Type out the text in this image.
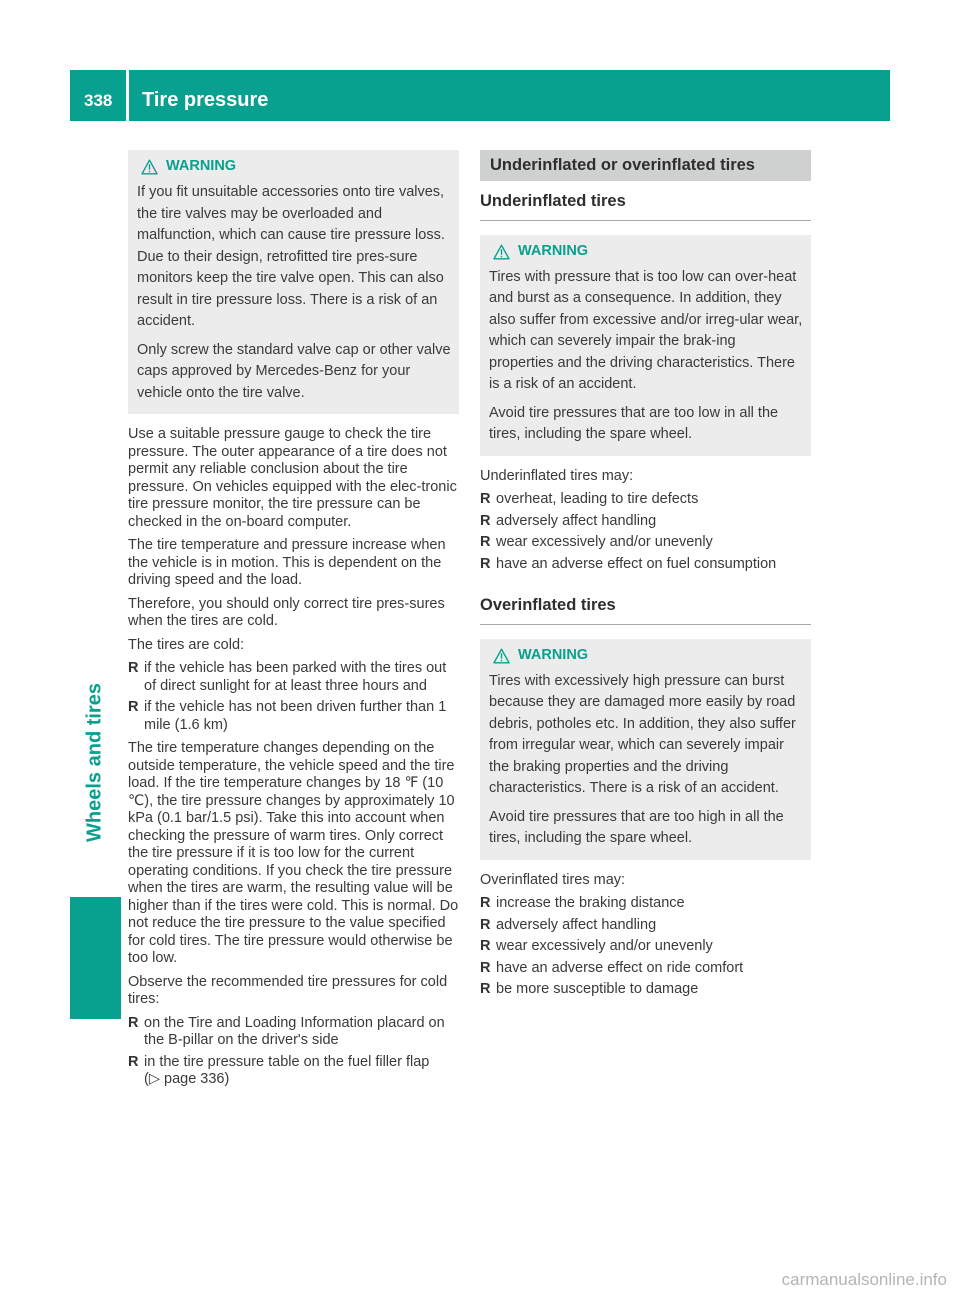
338 Tire pressure
Wheels and tires
WARNING

If you fit unsuitable accessories onto tire valves, the tire valves may be overloaded and malfunction, which can cause tire pressure loss. Due to their design, retrofitted tire pres-sure monitors keep the tire valve open. This can also result in tire pressure loss. There is a risk of an accident.

Only screw the standard valve cap or other valve caps approved by Mercedes-Benz for your vehicle onto the tire valve.

Use a suitable pressure gauge to check the tire pressure. The outer appearance of a tire does not permit any reliable conclusion about the tire pressure. On vehicles equipped with the elec-tronic tire pressure monitor, the tire pressure can be checked in the on-board computer.

The tire temperature and pressure increase when the vehicle is in motion. This is dependent on the driving speed and the load.

Therefore, you should only correct tire pres-sures when the tires are cold.

The tires are cold:

R if the vehicle has been parked with the tires out of direct sunlight for at least three hours and
R if the vehicle has not been driven further than 1 mile (1.6 km)

The tire temperature changes depending on the outside temperature, the vehicle speed and the tire load. If the tire temperature changes by 18 ℉ (10 ℃), the tire pressure changes by approximately 10 kPa (0.1 bar/1.5 psi). Take this into account when checking the pressure of warm tires. Only correct the tire pressure if it is too low for the current operating conditions. If you check the tire pressure when the tires are warm, the resulting value will be higher than if the tires were cold. This is normal. Do not reduce the tire pressure to the value specified for cold tires. The tire pressure would otherwise be too low.

Observe the recommended tire pressures for cold tires:

R on the Tire and Loading Information placard on the B-pillar on the driver's side
R in the tire pressure table on the fuel filler flap
(▷ page 336)
Underinflated or overinflated tires
Underinflated tires
WARNING

Tires with pressure that is too low can over-heat and burst as a consequence. In addition, they also suffer from excessive and/or irreg-ular wear, which can severely impair the brak-ing properties and the driving characteristics. There is a risk of an accident.

Avoid tire pressures that are too low in all the tires, including the spare wheel.

Underinflated tires may:

R overheat, leading to tire defects
R adversely affect handling
R wear excessively and/or unevenly
R have an adverse effect on fuel consumption
Overinflated tires
WARNING

Tires with excessively high pressure can burst because they are damaged more easily by road debris, potholes etc. In addition, they also suffer from irregular wear, which can severely impair the braking properties and the driving characteristics. There is a risk of an accident.

Avoid tire pressures that are too high in all the tires, including the spare wheel.

Overinflated tires may:

R increase the braking distance
R adversely affect handling
R wear excessively and/or unevenly
R have an adverse effect on ride comfort
R be more susceptible to damage
carmanualsonline.info
